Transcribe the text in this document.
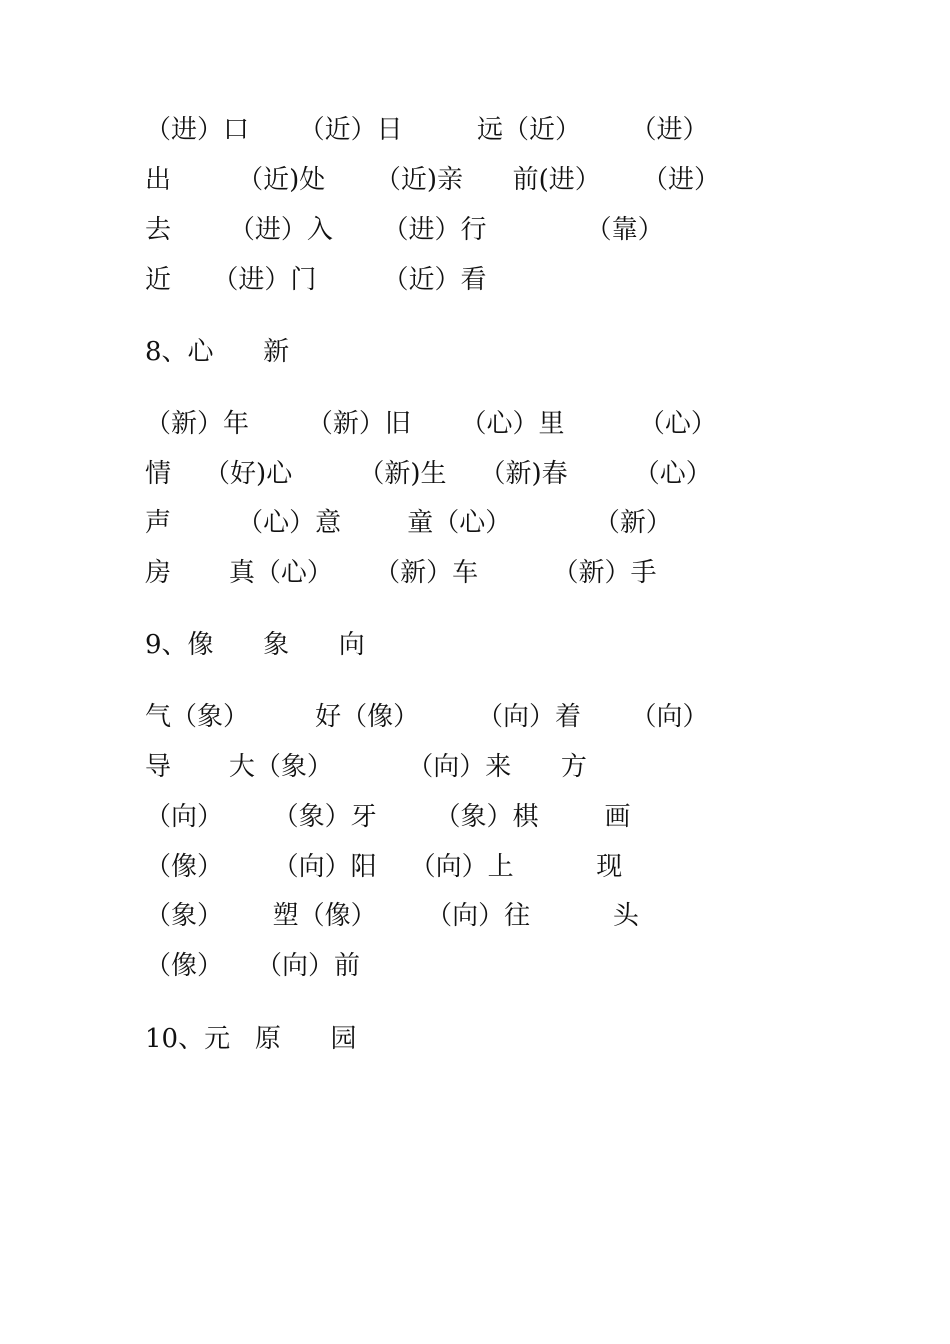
（进）口      （近）日         远（近）      （进）
出        （近)处      （近)亲      前(进）     （进）
去       （进）入      （进）行            （靠）
近     （进）门        （近）看
8、心      新
（新）年       （新）旧      （心）里         （心）
情    （好)心        （新)生    （新)春        （心）
声        （心）意        童（心）          （新）
房       真（心）     （新）车         （新）手
9、像      象      向
气（象）        好（像）       （向）着      （向）
导       大（象）         （向）来      方
（向）      （象）牙       （象）棋        画
（像）      （向）阳    （向）上          现
（象）      塑（像）      （向）往          头
（像）    （向）前
10、元   原      园
